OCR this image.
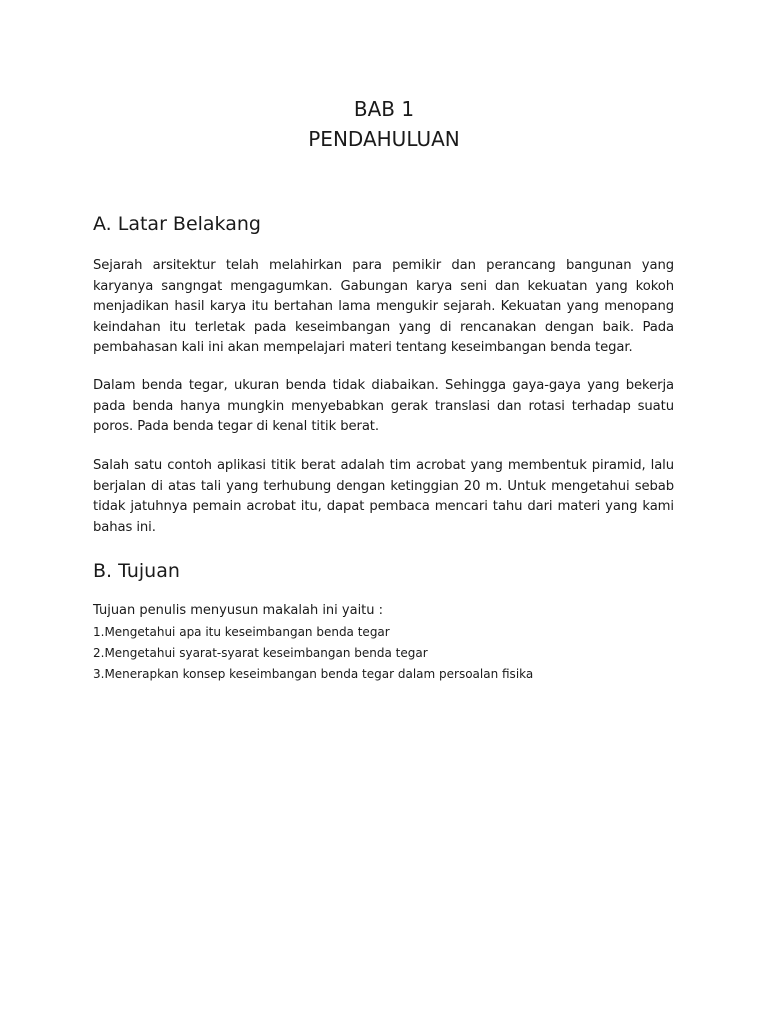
BAB 1
PENDAHULUAN
A. Latar Belakang

Sejarah arsitektur telah melahirkan para pemikir dan perancang bangunan yang karyanya sangngat mengagumkan. Gabungan karya seni dan kekuatan yang kokoh menjadikan hasil karya itu bertahan lama mengukir sejarah. Kekuatan yang menopang keindahan itu terletak pada keseimbangan yang di rencanakan dengan baik. Pada pembahasan kali ini akan mempelajari materi tentang keseimbangan benda tegar.

Dalam benda tegar, ukuran benda tidak diabaikan. Sehingga gaya-gaya yang bekerja pada benda hanya mungkin menyebabkan gerak translasi dan rotasi terhadap suatu poros. Pada benda tegar di kenal titik berat.

Salah satu contoh aplikasi titik berat adalah tim acrobat yang membentuk piramid, lalu berjalan di atas tali yang terhubung dengan ketinggian 20 m. Untuk mengetahui sebab tidak jatuhnya pemain acrobat itu, dapat pembaca mencari tahu dari materi yang kami bahas ini.

B. Tujuan

Tujuan penulis menyusun makalah ini yaitu :

1.Mengetahui apa itu keseimbangan benda tegar

2.Mengetahui syarat-syarat keseimbangan benda tegar

3.Menerapkan konsep keseimbangan benda tegar dalam persoalan fisika
